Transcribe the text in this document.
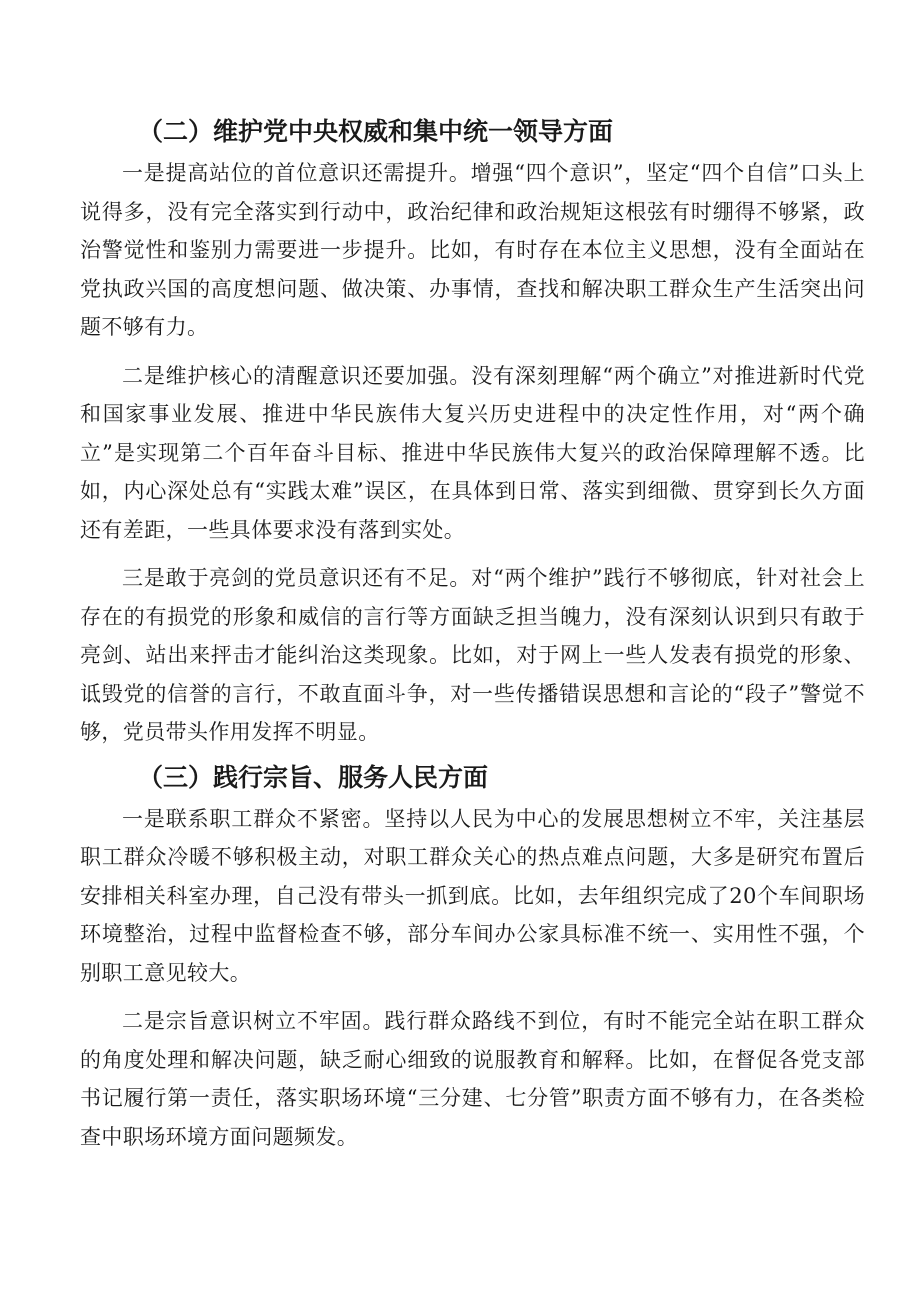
（二）维护党中央权威和集中统一领导方面

一是提高站位的首位意识还需提升。增强“四个意识”，坚定“四个自信”口头上说得多，没有完全落实到行动中，政治纪律和政治规矩这根弦有时绷得不够紧，政治警觉性和鉴别力需要进一步提升。比如，有时存在本位主义思想，没有全面站在党执政兴国的高度想问题、做决策、办事情，查找和解决职工群众生产生活突出问题不够有力。

二是维护核心的清醒意识还要加强。没有深刻理解“两个确立”对推进新时代党和国家事业发展、推进中华民族伟大复兴历史进程中的决定性作用，对“两个确立”是实现第二个百年奋斗目标、推进中华民族伟大复兴的政治保障理解不透。比如，内心深处总有“实践太难”误区，在具体到日常、落实到细微、贯穿到长久方面还有差距，一些具体要求没有落到实处。

三是敢于亮剑的党员意识还有不足。对“两个维护”践行不够彻底，针对社会上存在的有损党的形象和威信的言行等方面缺乏担当魄力，没有深刻认识到只有敢于亮剑、站出来抨击才能纠治这类现象。比如，对于网上一些人发表有损党的形象、诋毁党的信誉的言行，不敢直面斗争，对一些传播错误思想和言论的“段子”警觉不够，党员带头作用发挥不明显。

（三）践行宗旨、服务人民方面

一是联系职工群众不紧密。坚持以人民为中心的发展思想树立不牢，关注基层职工群众冷暖不够积极主动，对职工群众关心的热点难点问题，大多是研究布置后安排相关科室办理，自己没有带头一抓到底。比如，去年组织完成了20个车间职场环境整治，过程中监督检查不够，部分车间办公家具标准不统一、实用性不强，个别职工意见较大。

二是宗旨意识树立不牢固。践行群众路线不到位，有时不能完全站在职工群众的角度处理和解决问题，缺乏耐心细致的说服教育和解释。比如，在督促各党支部书记履行第一责任，落实职场环境“三分建、七分管”职责方面不够有力，在各类检查中职场环境方面问题频发。
